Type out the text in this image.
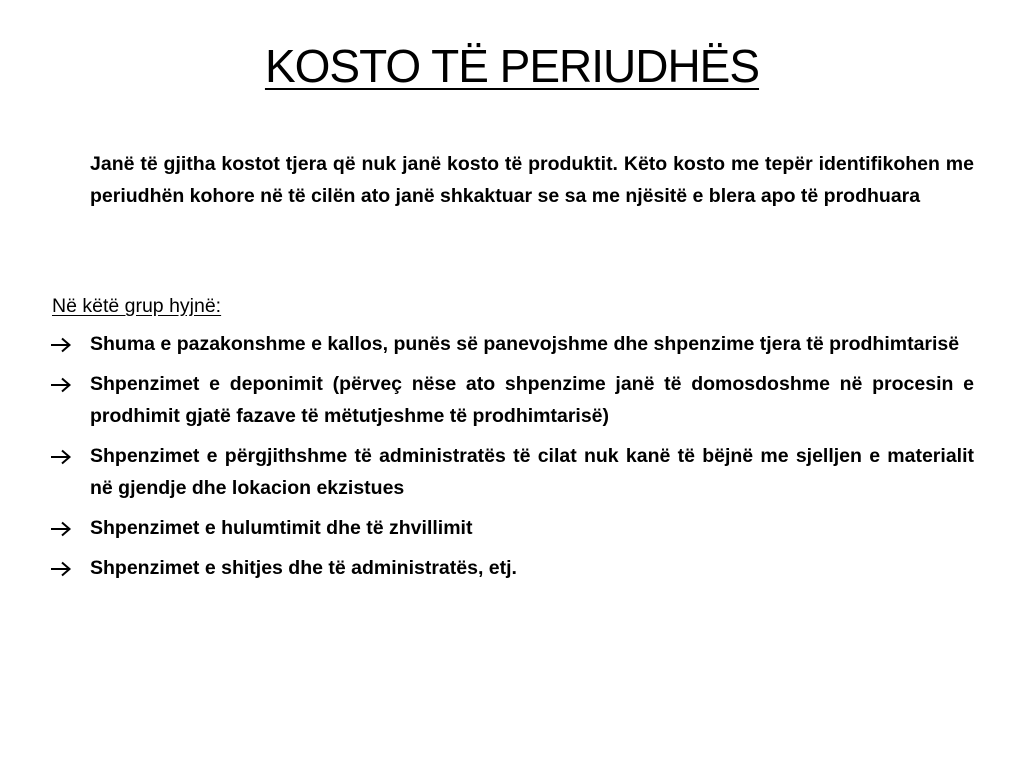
KOSTO TË PERIUDHËS
Janë të gjitha kostot tjera që nuk janë kosto të produktit. Këto kosto me tepër identifikohen me periudhën kohore në të cilën ato janë shkaktuar se sa me njësitë e blera apo të prodhuara
Në këtë grup hyjnë:
Shuma e pazakonshme e kallos, punës së panevojshme dhe shpenzime tjera të prodhimtarisë
Shpenzimet e deponimit (përveç nëse ato shpenzime janë të domosdoshme në procesin e prodhimit gjatë fazave të mëtutjeshme të prodhimtarisë)
Shpenzimet e përgjithshme të administratës të cilat nuk kanë të bëjnë me sjelljen e materialit në gjendje dhe lokacion ekzistues
Shpenzimet e hulumtimit dhe të zhvillimit
Shpenzimet e shitjes dhe të administratës, etj.
